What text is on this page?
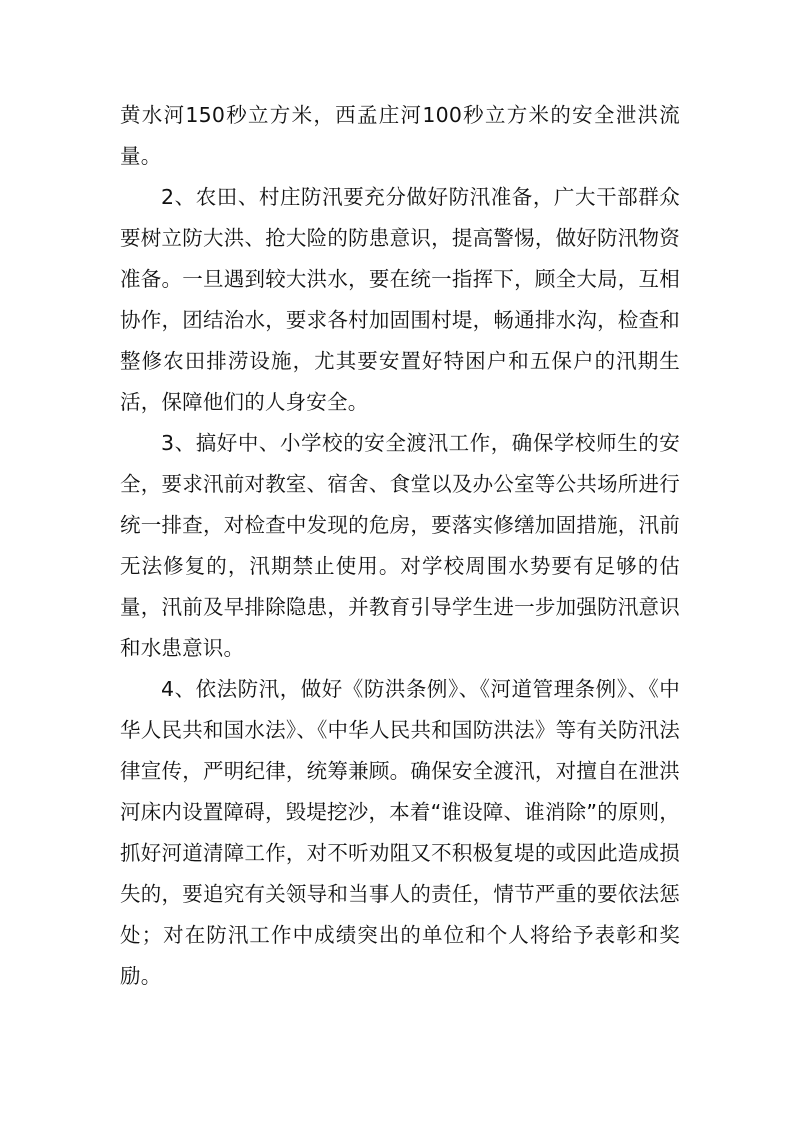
黄水河150秒立方米，西孟庄河100秒立方米的安全泄洪流量。

2、农田、村庄防汛要充分做好防汛准备，广大干部群众要树立防大洪、抢大险的防患意识，提高警惕，做好防汛物资准备。一旦遇到较大洪水，要在统一指挥下，顾全大局，互相协作，团结治水，要求各村加固围村堤，畅通排水沟，检查和整修农田排涝设施，尤其要安置好特困户和五保户的汛期生活，保障他们的人身安全。

3、搞好中、小学校的安全渡汛工作，确保学校师生的安全，要求汛前对教室、宿舍、食堂以及办公室等公共场所进行统一排查，对检查中发现的危房，要落实修缮加固措施，汛前无法修复的，汛期禁止使用。对学校周围水势要有足够的估量，汛前及早排除隐患，并教育引导学生进一步加强防汛意识和水患意识。

4、依法防汛，做好《防洪条例》、《河道管理条例》、《中华人民共和国水法》、《中华人民共和国防洪法》等有关防汛法律宣传，严明纪律，统筹兼顾。确保安全渡汛，对擅自在泄洪河床内设置障碍，毁堤挖沙，本着“谁设障、谁消除”的原则，抓好河道清障工作，对不听劝阻又不积极复堤的或因此造成损失的，要追究有关领导和当事人的责任，情节严重的要依法惩处；对在防汛工作中成绩突出的单位和个人将给予表彰和奖励。
